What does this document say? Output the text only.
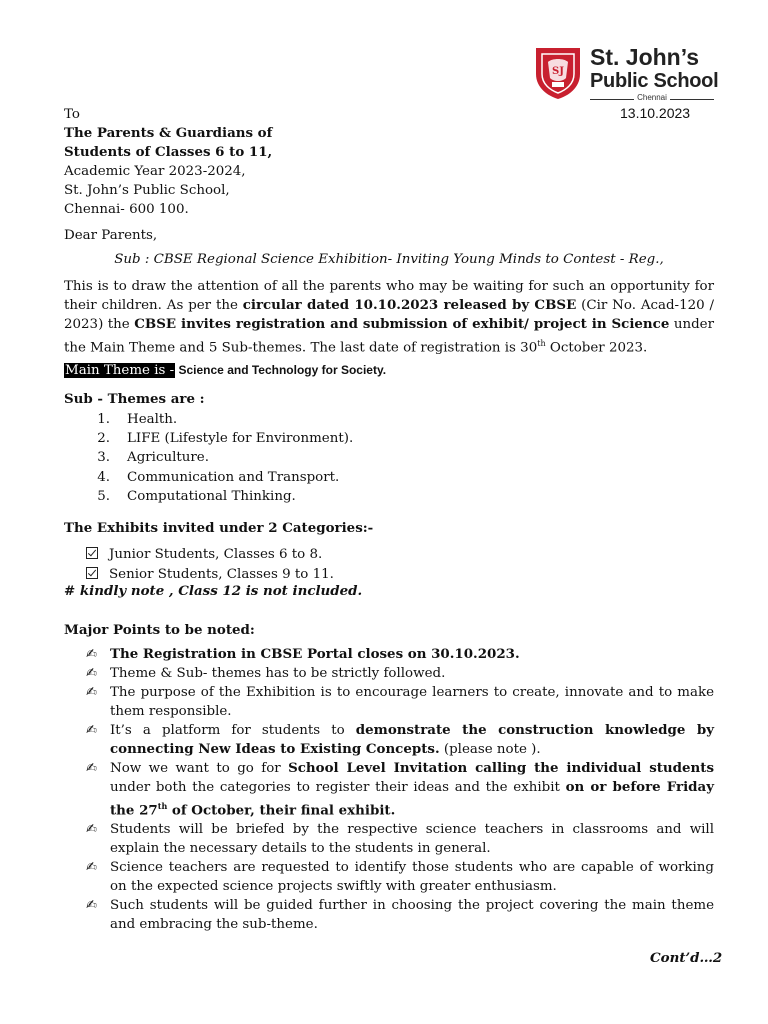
SJ
St. John’s
Public School
Chennai
13.10.2023
To
The Parents & Guardians of
Students of Classes 6 to 11,
Academic Year 2023-2024,
St. John’s Public School,
Chennai- 600 100.
Dear Parents,
Sub : CBSE Regional Science Exhibition- Inviting Young Minds to Contest - Reg.,
This is to draw the attention of all the parents who may be waiting for such an opportunity for their children. As per the circular dated 10.10.2023 released by CBSE (Cir No. Acad-120 / 2023) the CBSE invites registration and submission of exhibit/ project in Science under the Main Theme and 5 Sub-themes. The last date of registration is 30th October 2023.
Main Theme is - Science and Technology for Society.
Sub - Themes are :
1. Health.
2. LIFE (Lifestyle for Environment).
3. Agriculture.
4. Communication and Transport.
5. Computational Thinking.
The Exhibits invited under 2 Categories:-
Junior Students, Classes 6 to 8.
Senior Students, Classes 9 to 11.
# kindly note , Class 12 is not included.
Major Points to be noted:
✍ The Registration in CBSE Portal closes on 30.10.2023.
✍ Theme & Sub- themes has to be strictly followed.
✍ The purpose of the Exhibition is to encourage learners to create, innovate and to make them responsible.
✍ It’s a platform for students to demonstrate the construction knowledge by connecting New Ideas to Existing Concepts. (please note ).
✍ Now we want to go for School Level Invitation calling the individual students under both the categories to register their ideas and the exhibit on or before Friday the 27th of October, their final exhibit.
✍ Students will be briefed by the respective science teachers in classrooms and will explain the necessary details to the students in general.
✍ Science teachers are requested to identify those students who are capable of working on the expected science projects swiftly with greater enthusiasm.
✍ Such students will be guided further in choosing the project covering the main theme and embracing the sub-theme.
Cont’d…2
